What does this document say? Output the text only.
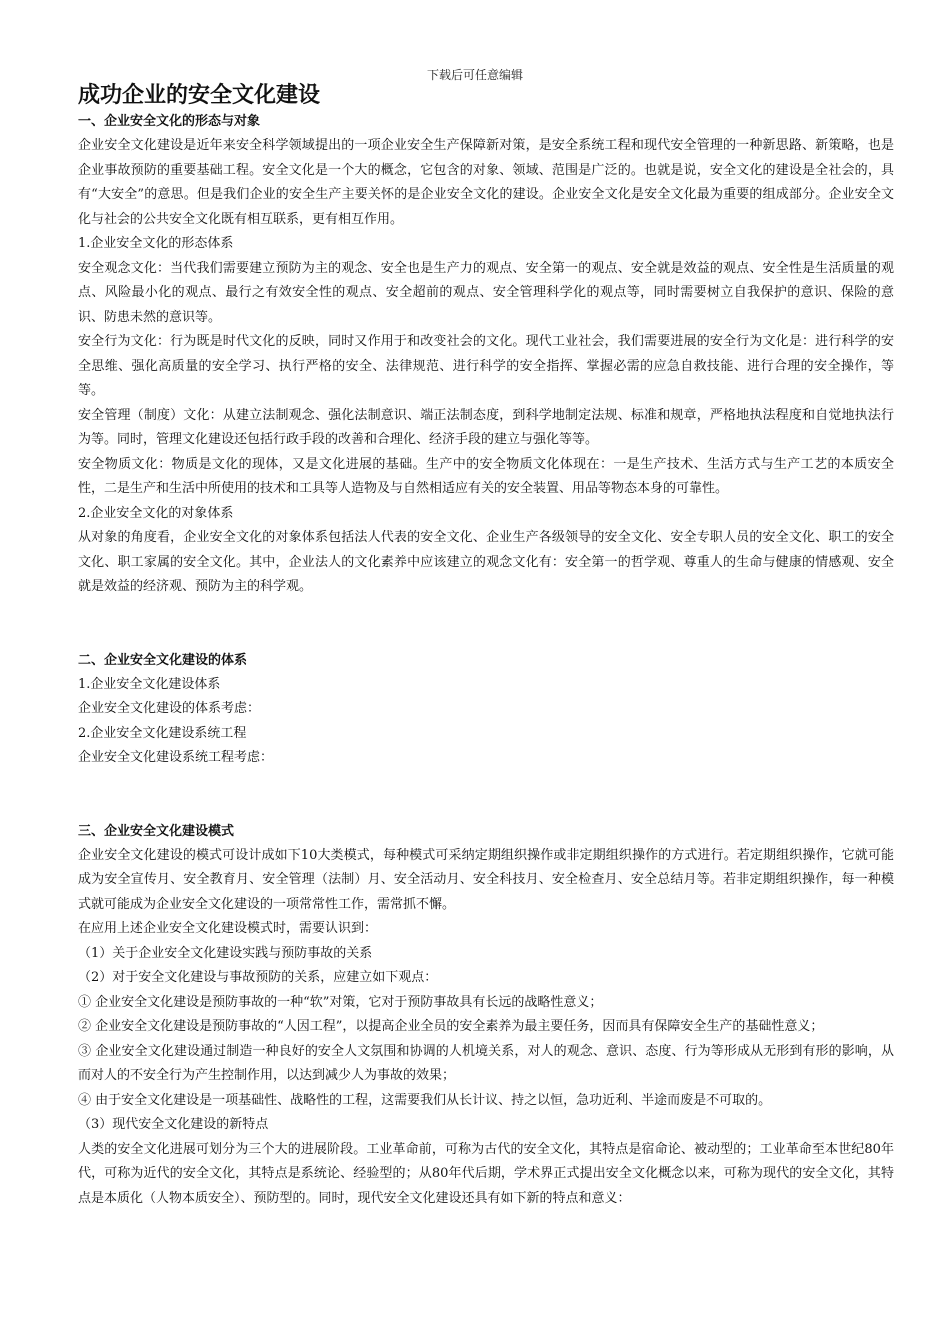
下载后可任意编辑
成功企业的安全文化建设

一、企业安全文化的形态与对象

企业安全文化建设是近年来安全科学领域提出的一项企业安全生产保障新对策，是安全系统工程和现代安全管理的一种新思路、新策略，也是企业事故预防的重要基础工程。安全文化是一个大的概念，它包含的对象、领域、范围是广泛的。也就是说，安全文化的建设是全社会的，具有“大安全”的意思。但是我们企业的安全生产主要关怀的是企业安全文化的建设。企业安全文化是安全文化最为重要的组成部分。企业安全文化与社会的公共安全文化既有相互联系，更有相互作用。

1.企业安全文化的形态体系

安全观念文化：当代我们需要建立预防为主的观念、安全也是生产力的观点、安全第一的观点、安全就是效益的观点、安全性是生活质量的观点、风险最小化的观点、最行之有效安全性的观点、安全超前的观点、安全管理科学化的观点等，同时需要树立自我保护的意识、保险的意识、防患未然的意识等。

安全行为文化：行为既是时代文化的反映，同时又作用于和改变社会的文化。现代工业社会，我们需要进展的安全行为文化是：进行科学的安全思维、强化高质量的安全学习、执行严格的安全、法律规范、进行科学的安全指挥、掌握必需的应急自救技能、进行合理的安全操作，等等。

安全管理（制度）文化：从建立法制观念、强化法制意识、端正法制态度，到科学地制定法规、标准和规章，严格地执法程度和自觉地执法行为等。同时，管理文化建设还包括行政手段的改善和合理化、经济手段的建立与强化等等。

安全物质文化：物质是文化的现体，又是文化进展的基础。生产中的安全物质文化体现在：一是生产技术、生活方式与生产工艺的本质安全性，二是生产和生活中所使用的技术和工具等人造物及与自然相适应有关的安全装置、用品等物态本身的可靠性。

2.企业安全文化的对象体系

从对象的角度看，企业安全文化的对象体系包括法人代表的安全文化、企业生产各级领导的安全文化、安全专职人员的安全文化、职工的安全文化、职工家属的安全文化。其中，企业法人的文化素养中应该建立的观念文化有：安全第一的哲学观、尊重人的生命与健康的情感观、安全就是效益的经济观、预防为主的科学观。

二、企业安全文化建设的体系

1.企业安全文化建设体系

企业安全文化建设的体系考虑：

2.企业安全文化建设系统工程

企业安全文化建设系统工程考虑：

三、企业安全文化建设模式

企业安全文化建设的模式可设计成如下10大类模式，每种模式可采纳定期组织操作或非定期组织操作的方式进行。若定期组织操作，它就可能成为安全宣传月、安全教育月、安全管理（法制）月、安全活动月、安全科技月、安全检查月、安全总结月等。若非定期组织操作，每一种模式就可能成为企业安全文化建设的一项常常性工作，需常抓不懈。

在应用上述企业安全文化建设模式时，需要认识到：

（1）关于企业安全文化建设实践与预防事故的关系

（2）对于安全文化建设与事故预防的关系，应建立如下观点：

① 企业安全文化建设是预防事故的一种“软”对策，它对于预防事故具有长远的战略性意义；

② 企业安全文化建设是预防事故的“人因工程”，以提高企业全员的安全素养为最主要任务，因而具有保障安全生产的基础性意义；

③ 企业安全文化建设通过制造一种良好的安全人文氛围和协调的人机境关系，对人的观念、意识、态度、行为等形成从无形到有形的影响，从而对人的不安全行为产生控制作用，以达到减少人为事故的效果；

④ 由于安全文化建设是一项基础性、战略性的工程，这需要我们从长计议、持之以恒，急功近利、半途而废是不可取的。

（3）现代安全文化建设的新特点

人类的安全文化进展可划分为三个大的进展阶段。工业革命前，可称为古代的安全文化，其特点是宿命论、被动型的；工业革命至本世纪80年代，可称为近代的安全文化，其特点是系统论、经验型的；从80年代后期，学术界正式提出安全文化概念以来，可称为现代的安全文化，其特点是本质化（人物本质安全）、预防型的。同时，现代安全文化建设还具有如下新的特点和意义：
